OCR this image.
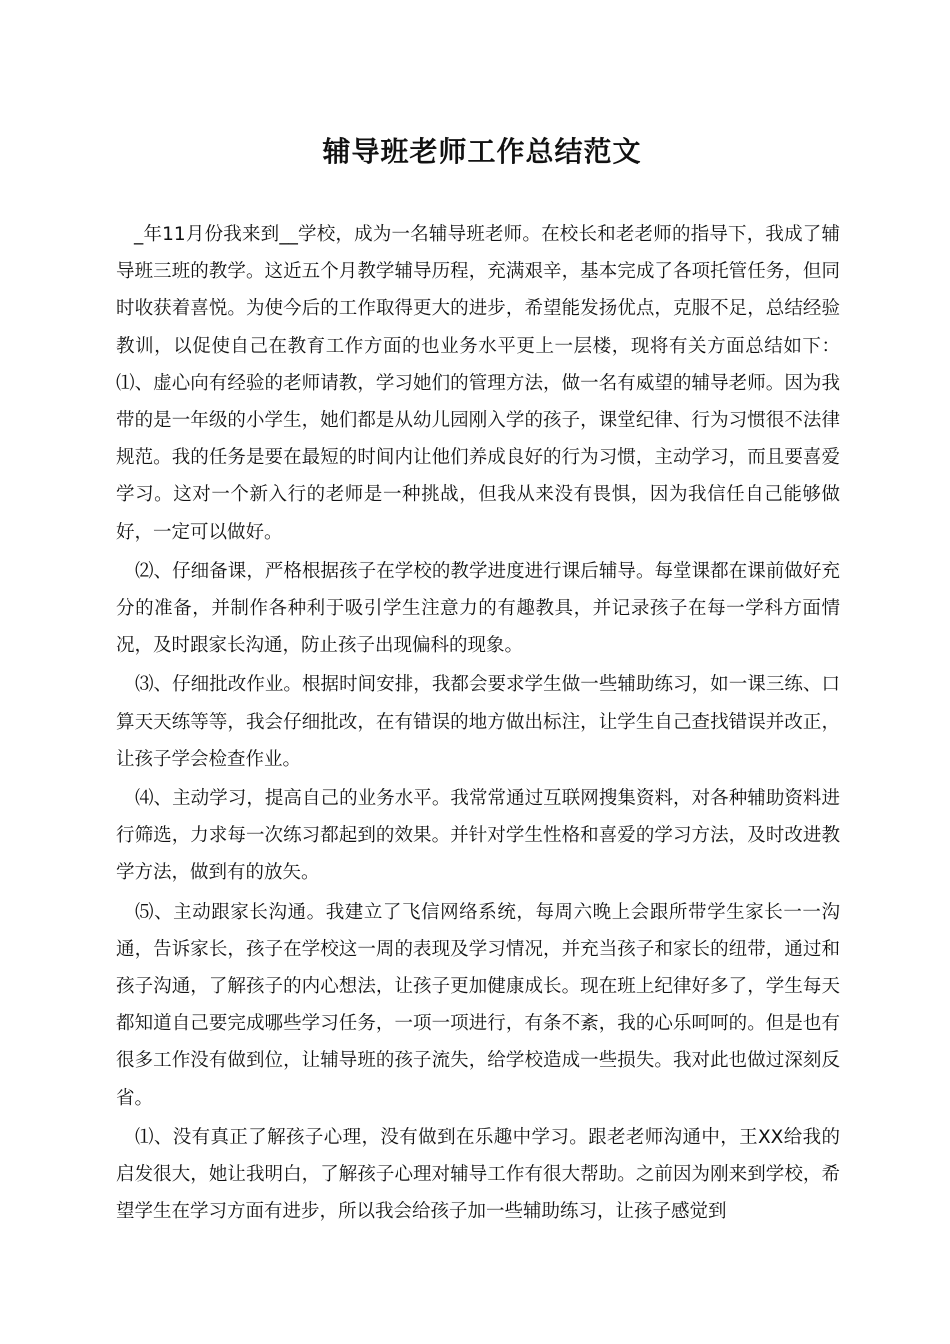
辅导班老师工作总结范文

_年11月份我来到__学校，成为一名辅导班老师。在校长和老老师的指导下，我成了辅导班三班的教学。这近五个月教学辅导历程，充满艰辛，基本完成了各项托管任务，但同时收获着喜悦。为使今后的工作取得更大的进步，希望能发扬优点，克服不足，总结经验教训，以促使自己在教育工作方面的也业务水平更上一层楼，现将有关方面总结如下：⑴、虚心向有经验的老师请教，学习她们的管理方法，做一名有威望的辅导老师。因为我带的是一年级的小学生，她们都是从幼儿园刚入学的孩子，课堂纪律、行为习惯很不法律规范。我的任务是要在最短的时间内让他们养成良好的行为习惯，主动学习，而且要喜爱学习。这对一个新入行的老师是一种挑战，但我从来没有畏惧，因为我信任自己能够做好，一定可以做好。

⑵、仔细备课，严格根据孩子在学校的教学进度进行课后辅导。每堂课都在课前做好充分的准备，并制作各种利于吸引学生注意力的有趣教具，并记录孩子在每一学科方面情况，及时跟家长沟通，防止孩子出现偏科的现象。

⑶、仔细批改作业。根据时间安排，我都会要求学生做一些辅助练习，如一课三练、口算天天练等等，我会仔细批改，在有错误的地方做出标注，让学生自己查找错误并改正，让孩子学会检查作业。

⑷、主动学习，提高自己的业务水平。我常常通过互联网搜集资料，对各种辅助资料进行筛选，力求每一次练习都起到的效果。并针对学生性格和喜爱的学习方法，及时改进教学方法，做到有的放矢。

⑸、主动跟家长沟通。我建立了飞信网络系统，每周六晚上会跟所带学生家长一一沟通，告诉家长，孩子在学校这一周的表现及学习情况，并充当孩子和家长的纽带，通过和孩子沟通，了解孩子的内心想法，让孩子更加健康成长。现在班上纪律好多了，学生每天都知道自己要完成哪些学习任务，一项一项进行，有条不紊，我的心乐呵呵的。但是也有很多工作没有做到位，让辅导班的孩子流失，给学校造成一些损失。我对此也做过深刻反省。

⑴、没有真正了解孩子心理，没有做到在乐趣中学习。跟老老师沟通中，王XX给我的启发很大，她让我明白，了解孩子心理对辅导工作有很大帮助。之前因为刚来到学校，希望学生在学习方面有进步，所以我会给孩子加一些辅助练习，让孩子感觉到
